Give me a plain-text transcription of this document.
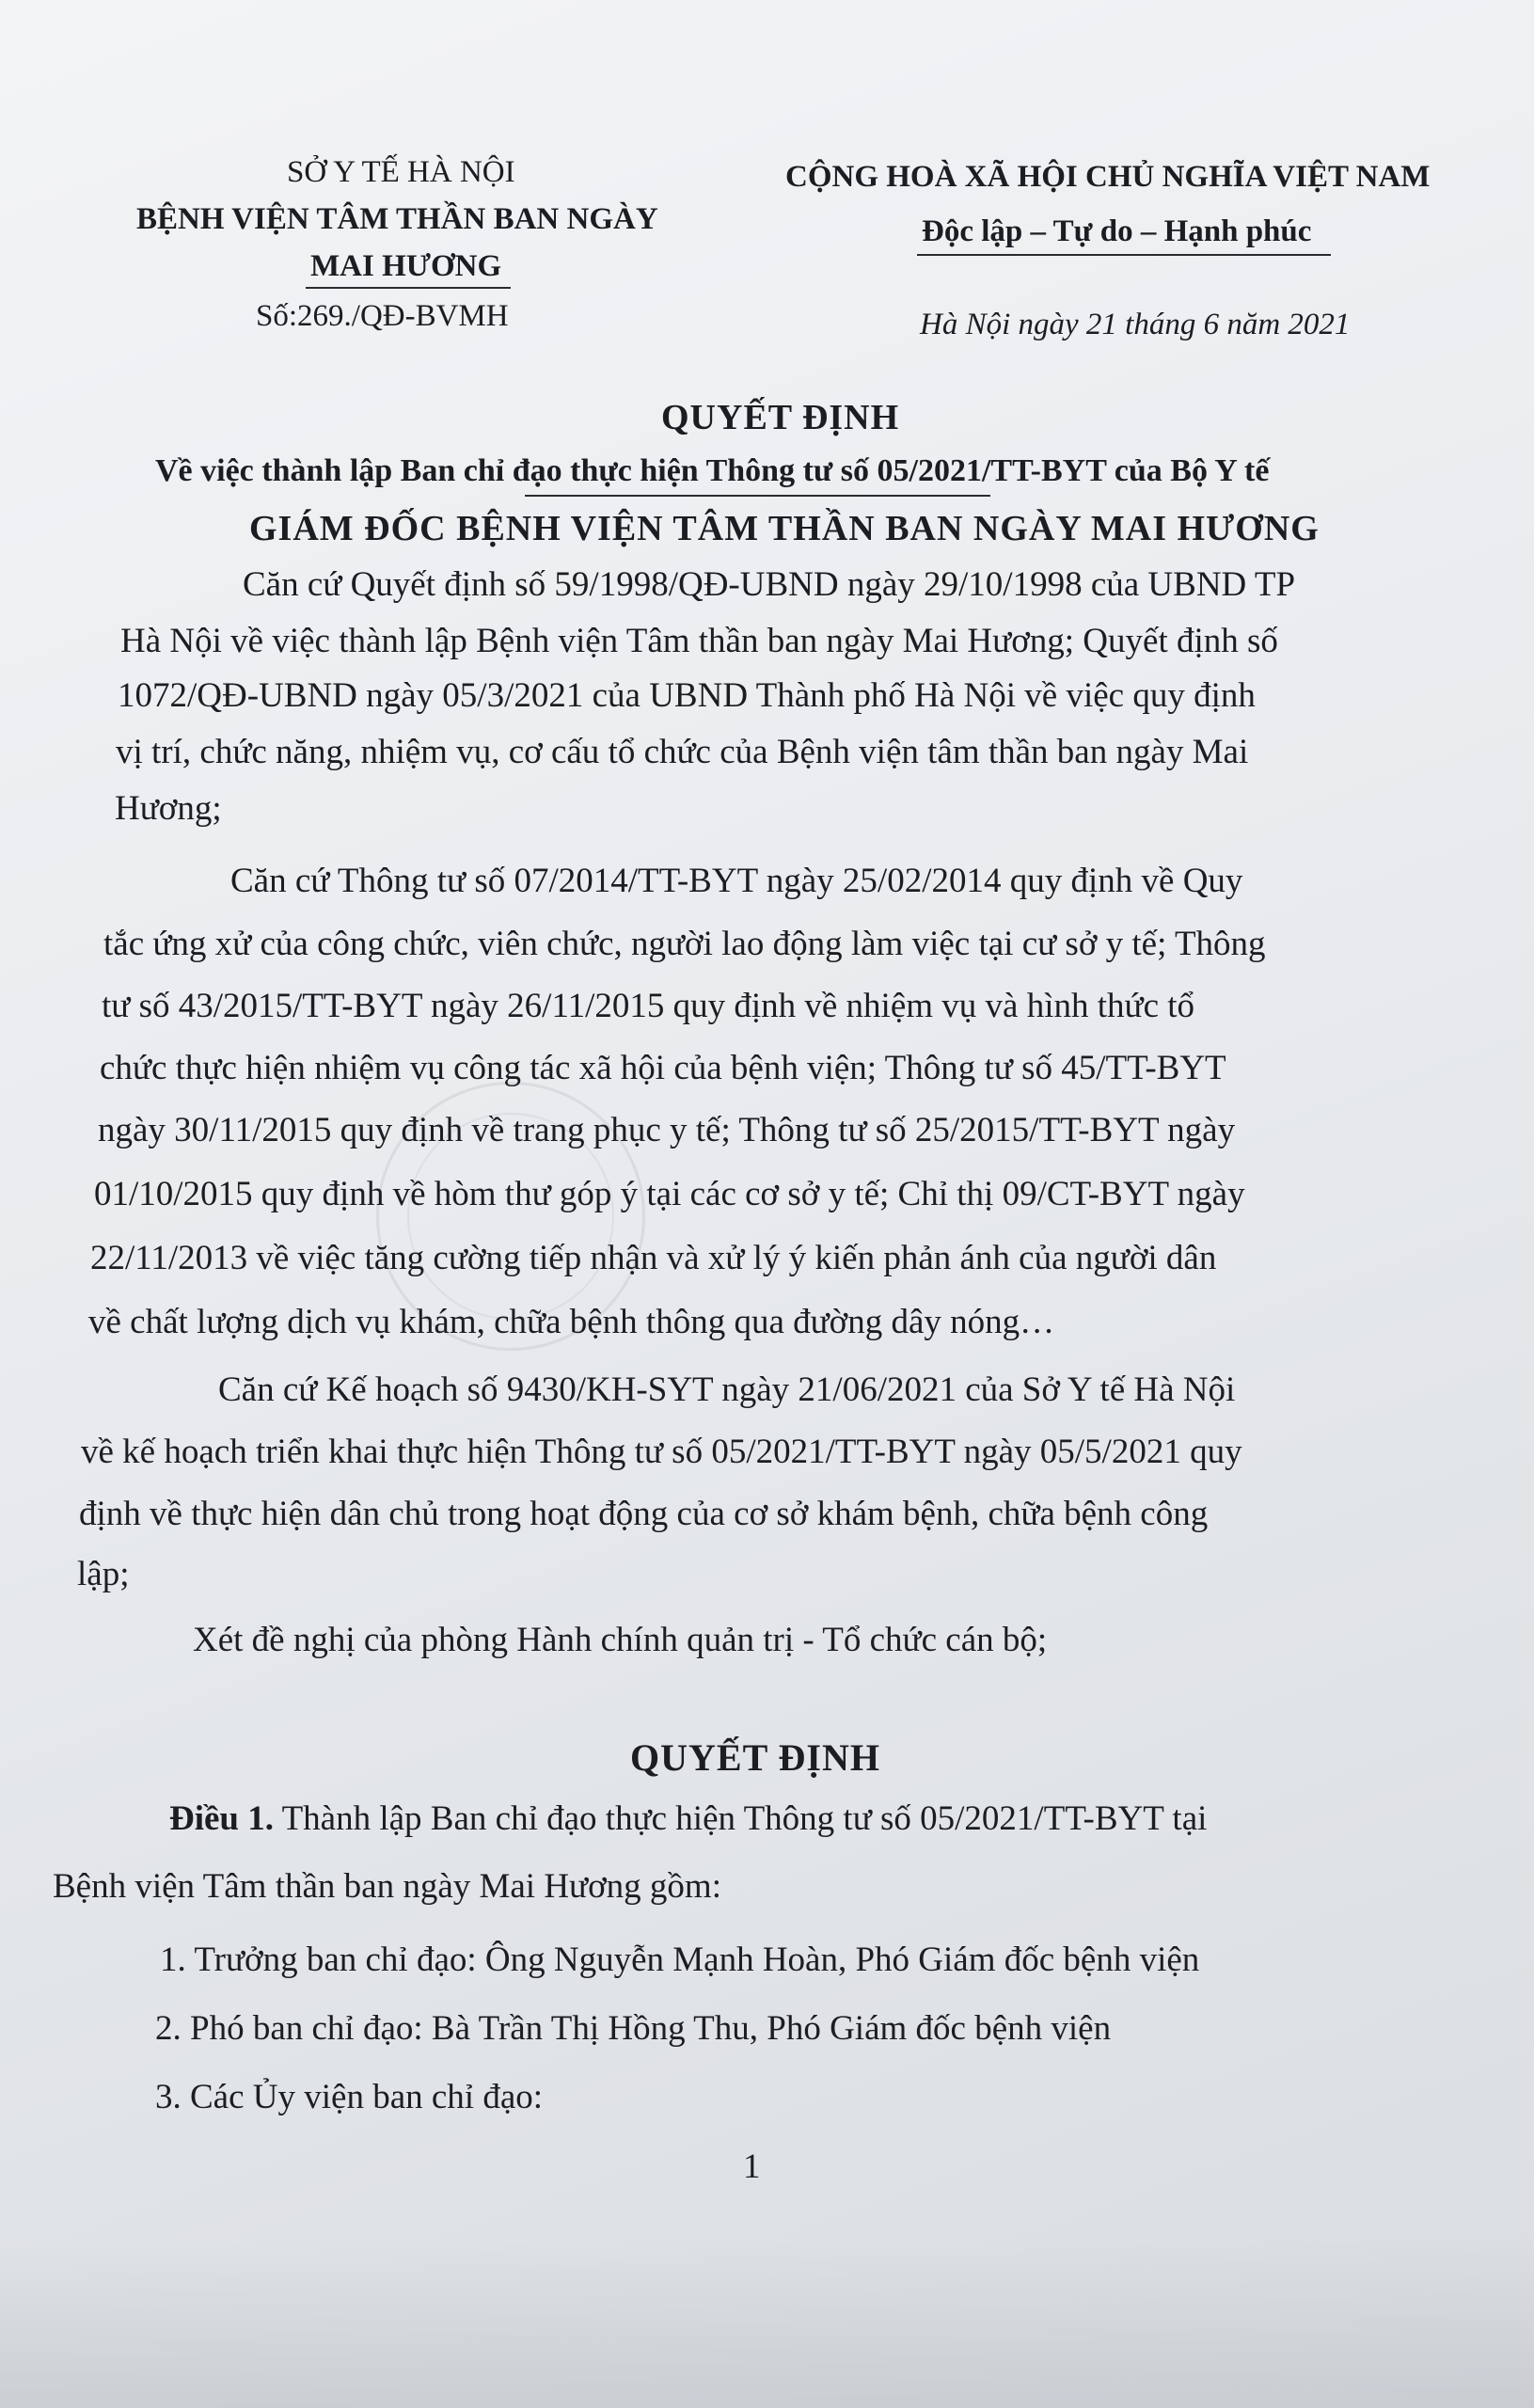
SỞ Y TẾ HÀ NỘI
BỆNH VIỆN TÂM THẦN BAN NGÀY
MAI HƯƠNG
Số:269./QĐ-BVMH
CỘNG HOÀ XÃ HỘI CHỦ NGHĨA VIỆT NAM
Độc lập – Tự do – Hạnh phúc
Hà Nội ngày 21 tháng 6 năm 2021
QUYẾT ĐỊNH
Về việc thành lập Ban chỉ đạo thực hiện Thông tư số 05/2021/TT-BYT của Bộ Y tế
GIÁM ĐỐC BỆNH VIỆN TÂM THẦN BAN NGÀY MAI HƯƠNG
Căn cứ Quyết định số 59/1998/QĐ-UBND ngày 29/10/1998 của UBND TP
Hà Nội về việc thành lập Bệnh viện Tâm thần ban ngày Mai Hương; Quyết định số
1072/QĐ-UBND ngày 05/3/2021 của UBND Thành phố Hà Nội về việc quy định
vị trí, chức năng, nhiệm vụ, cơ cấu tổ chức của Bệnh viện tâm thần ban ngày Mai
Hương;
Căn cứ Thông tư số 07/2014/TT-BYT ngày 25/02/2014 quy định về Quy
tắc ứng xử của công chức, viên chức, người lao động làm việc tại cư sở y tế; Thông
tư số 43/2015/TT-BYT ngày 26/11/2015 quy định về nhiệm vụ và hình thức tổ
chức thực hiện nhiệm vụ công tác xã hội của bệnh viện; Thông tư số 45/TT-BYT
ngày 30/11/2015 quy định về trang phục y tế; Thông tư số 25/2015/TT-BYT ngày
01/10/2015 quy định về hòm thư góp ý tại các cơ sở y tế; Chỉ thị 09/CT-BYT ngày
22/11/2013 về việc tăng cường tiếp nhận và xử lý ý kiến phản ánh của người dân
về chất lượng dịch vụ khám, chữa bệnh thông qua đường dây nóng…
Căn cứ Kế hoạch số 9430/KH-SYT ngày 21/06/2021 của Sở Y tế Hà Nội
về kế hoạch triển khai thực hiện Thông tư số 05/2021/TT-BYT ngày 05/5/2021 quy
định về thực hiện dân chủ trong hoạt động của cơ sở khám bệnh, chữa bệnh công
lập;
Xét đề nghị của phòng Hành chính quản trị - Tổ chức cán bộ;
QUYẾT ĐỊNH
Điều 1. Thành lập Ban chỉ đạo thực hiện Thông tư số 05/2021/TT-BYT tại
Bệnh viện Tâm thần ban ngày Mai Hương gồm:
1. Trưởng ban chỉ đạo: Ông Nguyễn Mạnh Hoàn, Phó Giám đốc bệnh viện
2. Phó ban chỉ đạo: Bà Trần Thị Hồng Thu, Phó Giám đốc bệnh viện
3. Các Ủy viện ban chỉ đạo:
1
